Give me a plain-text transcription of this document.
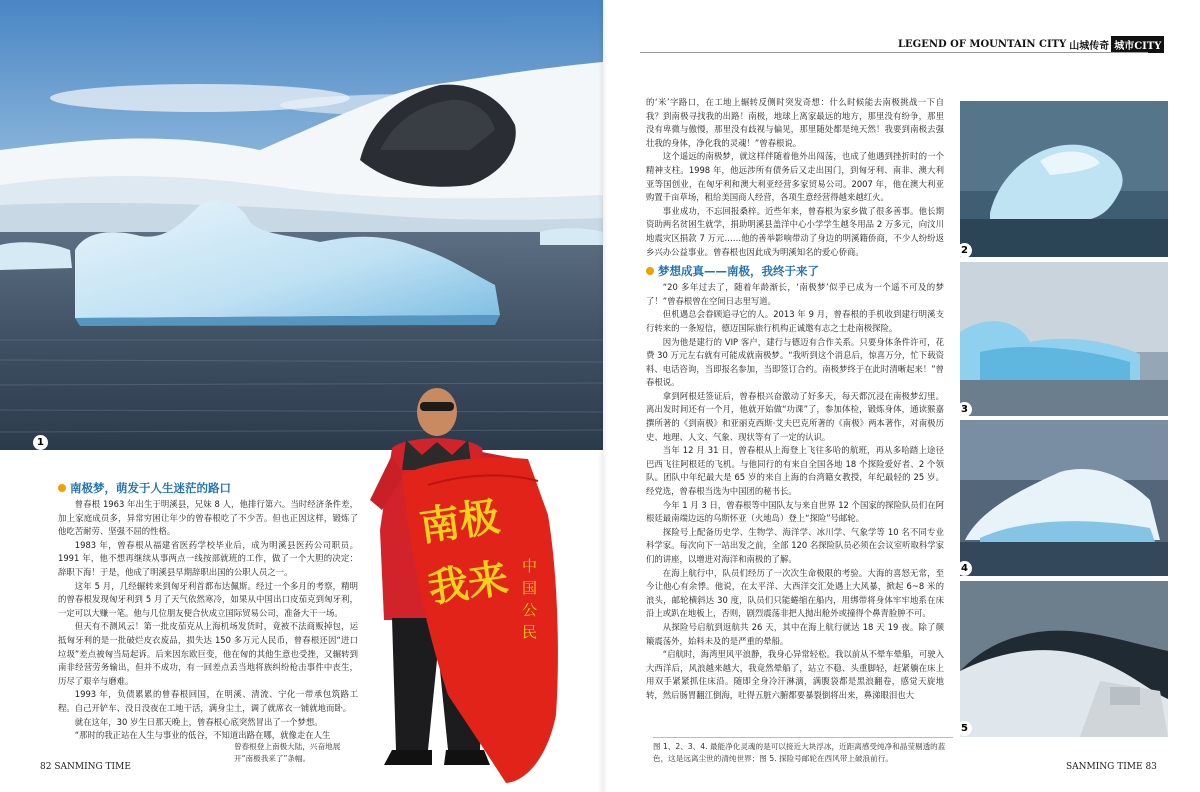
1
南极梦，萌发于人生迷茫的路口

曾春根 1963 年出生于明溪县，兄妹 8 人，他排行第六。当时经济条件差，加上家庭成员多，异常穷困让年少的曾春根吃了不少苦。但也正因这样，锻炼了他吃苦耐劳、坚强不屈的性格。

1983 年，曾春根从福建省医药学校毕业后，成为明溪县医药公司职员。1991 年，他不想再继续从事两点一线按部就班的工作，做了一个大胆的决定：辞职下海！于是，他成了明溪县早期辞职出国的公职人员之一。

这年 5 月，几经辗转来到匈牙利首都布达佩斯。经过一个多月的考察，精明的曾春根发现匈牙利到 5 月了天气依然寒冷，如果从中国出口皮茄克到匈牙利，一定可以大赚一笔。他与几位朋友便合伙成立国际贸易公司，准备大干一场。

但天有不测风云！第一批皮茄克从上海机场发货时，竟被不法商贩掉包，运抵匈牙利的是一批破烂皮衣废品，损失达 150 多万元人民币，曾春根还因“进口垃圾”差点被匈当局起诉。后来因东欧巨变，他在匈的其他生意也受挫，又辗转到南非经营劳务输出，但并不成功，有一回差点丢当地将族纠纷枪击事件中丧生，历尽了艰辛与磨难。

1993 年，负债累累的曾春根回国，在明溪、清流、宁化一带承包筑路工程。自己开铲车、没日没夜在工地干活，满身尘土，调了就席衣一铺就地而卧。

就在这年，30 岁生日那天晚上，曾春根心底突然冒出了一个梦想。

“那时的我正站在人生与事业的低谷，不知道出路在哪，就像走在人生

南极我来 中国公民
曾春根登上南极大陆，兴奋地展开“南极我来了”条幅。
82 SANMING TIME
LEGEND OF MOUNTAIN CITY 山城传奇 城市CITY

的‘米’字路口，在工地上辗转反侧时突发奇想：什么时候能去南极挑战一下自我？到南极寻找我的出路！南极，地球上离家最远的地方，那里没有纷争，那里没有卑微与傲慢，那里没有歧视与偏见，那里随处都是纯天然！我要到南极去强壮我的身体，净化我的灵魂！”曾春根说。

这个遥远的南极梦，就这样伴随着他外出闯荡，也成了他遇到挫折时的一个精神支柱。1998 年，他远涉所有债务后又走出国门，到匈牙利、南非、澳大利亚等国创业，在匈牙利和澳大利亚经营多家贸易公司。2007 年，他在澳大利亚购置千亩草场，租给美国商人经营，各项生意经营得越来越红火。

事业成功，不忘回报桑梓。近些年来，曾春根为家乡做了很多善事。他长期资助两名贫困生就学，捐助明溪县盖洋中心小学学生越冬用品 2 万多元，向汶川地震灾区捐款 7 万元……他的善举影响带动了身边的明溪籍侨商，不少人纷纷返乡兴办公益事业。曾春根也因此成为明溪知名的爱心侨商。

梦想成真——南极，我终于来了

“20 多年过去了，随着年龄渐长，‘南极梦’似乎已成为一个遥不可及的梦了！”曾春根曾在空间日志里写道。

但机遇总会眷顾追寻它的人。2013 年 9 月，曾春根的手机收到建行明溪支行转来的一条短信，德迈国际旅行机构正诚邀有志之士赴南极探险。

因为他是建行的 VIP 客户，建行与德迈有合作关系。只要身体条件许可，花费 30 万元左右就有可能成就南极梦。“我听到这个消息后，惊喜万分，忙下载资料、电话咨询，当即报名参加，当即签订合约。南极梦终于在此时清晰起来！”曾春根说。

拿到阿根廷签证后，曾春根兴奋激动了好多天，每天都沉浸在南极梦幻里。离出发时间还有一个月，他就开始做“功课”了，参加体检，锻炼身体，通读猴嘉撰所著的《到南极》和亚丽克西斯·艾夫巴克所著的《南极》两本著作，对南极历史、地理、人文、气象、现状等有了一定的认识。

当年 12 月 31 日，曾春根从上海登上飞往多哈的航班，再从多哈踏上途径巴西飞往阿根廷的飞机。与他同行的有来自全国各地 18 个探险爱好者、2 个领队。团队中年纪最大是 65 岁的来自上海的台湾籍女教授，年纪最轻的 25 岁。经党选，曾春根当选为中国团的秘书长。

今年 1 月 3 日，曾春根等中国队友与来自世界 12 个国家的探险队员们在阿根廷最南端边远的乌斯怀亚（火地岛）登上“探险”号邮轮。

探险号上配备历史学、生物学、海洋学、冰川学、气象学等 10 名不同专业科学家。每次向下一站出发之前，全部 120 名探险队员必须在会议室听取科学家们的讲座，以增进对海洋和南极的了解。

在海上航行中，队员们经历了一次次生命极限的考验。大海的喜怒无常，至今让他心有余悸。他说，在太平洋、大西洋交汇处遇上大风暴，掀起 6~8 米的浪头，邮轮横斜达 30 度，队员们只能蜷缩在船内，用绑带将身体牢牢地系在床沿上或趴在地板上，否则，剧烈震荡非把人抛出舱外或撞得个鼻青脸肿不可。

从探险号启航到返航共 26 天，其中在海上航行就达 18 天 19 夜。除了颠簸震荡外，始料未及的是严重的晕船。

“启航时，海湾里风平浪静，我身心异常轻松。我以前从不晕车晕船，可驶入大西洋后，风浪越来越大，我竟然晕船了，站立不稳、头重脚轻，赶紧躺在床上用双手紧紧抓住床沿。随即全身冷汗淋漓，满腹袋都是黑浪翻卷，感觉天旋地转，然后肠胃翻江倒海，吐得五脏六腑都要暴裂倒将出来，鼻涕眼泪也大

2
3
4
5
图 1、2、3、4. 最能净化灵魂的是可以接近大块浮冰，近距离感受纯净和晶莹剔透的蓝色，这是远离尘世的清纯世界；图 5. 探险号邮轮在西风带上破浪前行。
SANMING TIME 83
